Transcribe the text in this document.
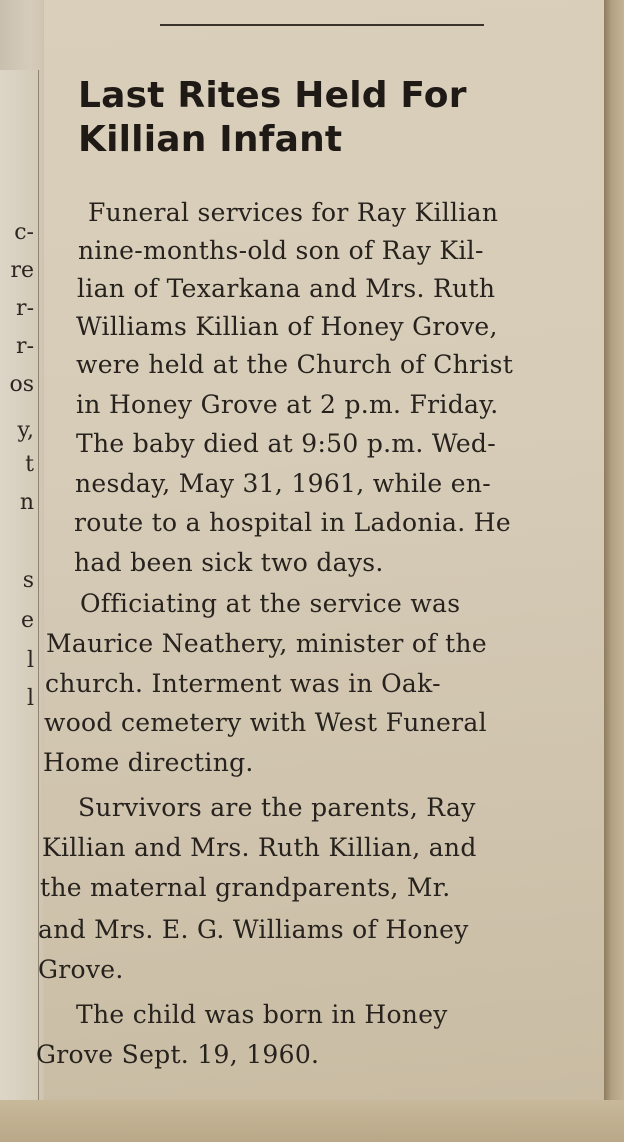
c-
re
r-
r-
os
y,
t
n
s
e
l
l
Last Rites Held For Killian Infant
Funeral services for Ray Killian
nine-months-old son of Ray Kil-
lian of Texarkana and Mrs. Ruth
Williams Killian of Honey Grove,
were held at the Church of Christ
in Honey Grove at 2 p.m. Friday.
The baby died at 9:50 p.m. Wed-
nesday, May 31, 1961, while en-
route to a hospital in Ladonia. He
had been sick two days.
Officiating at the service was
Maurice Neathery, minister of the
church. Interment was in Oak-
wood cemetery with West Funeral
Home directing.
Survivors are the parents, Ray
Killian and Mrs. Ruth Killian, and
the maternal grandparents, Mr.
and Mrs. E. G. Williams of Honey
Grove.
The child was born in Honey
Grove Sept. 19, 1960.
